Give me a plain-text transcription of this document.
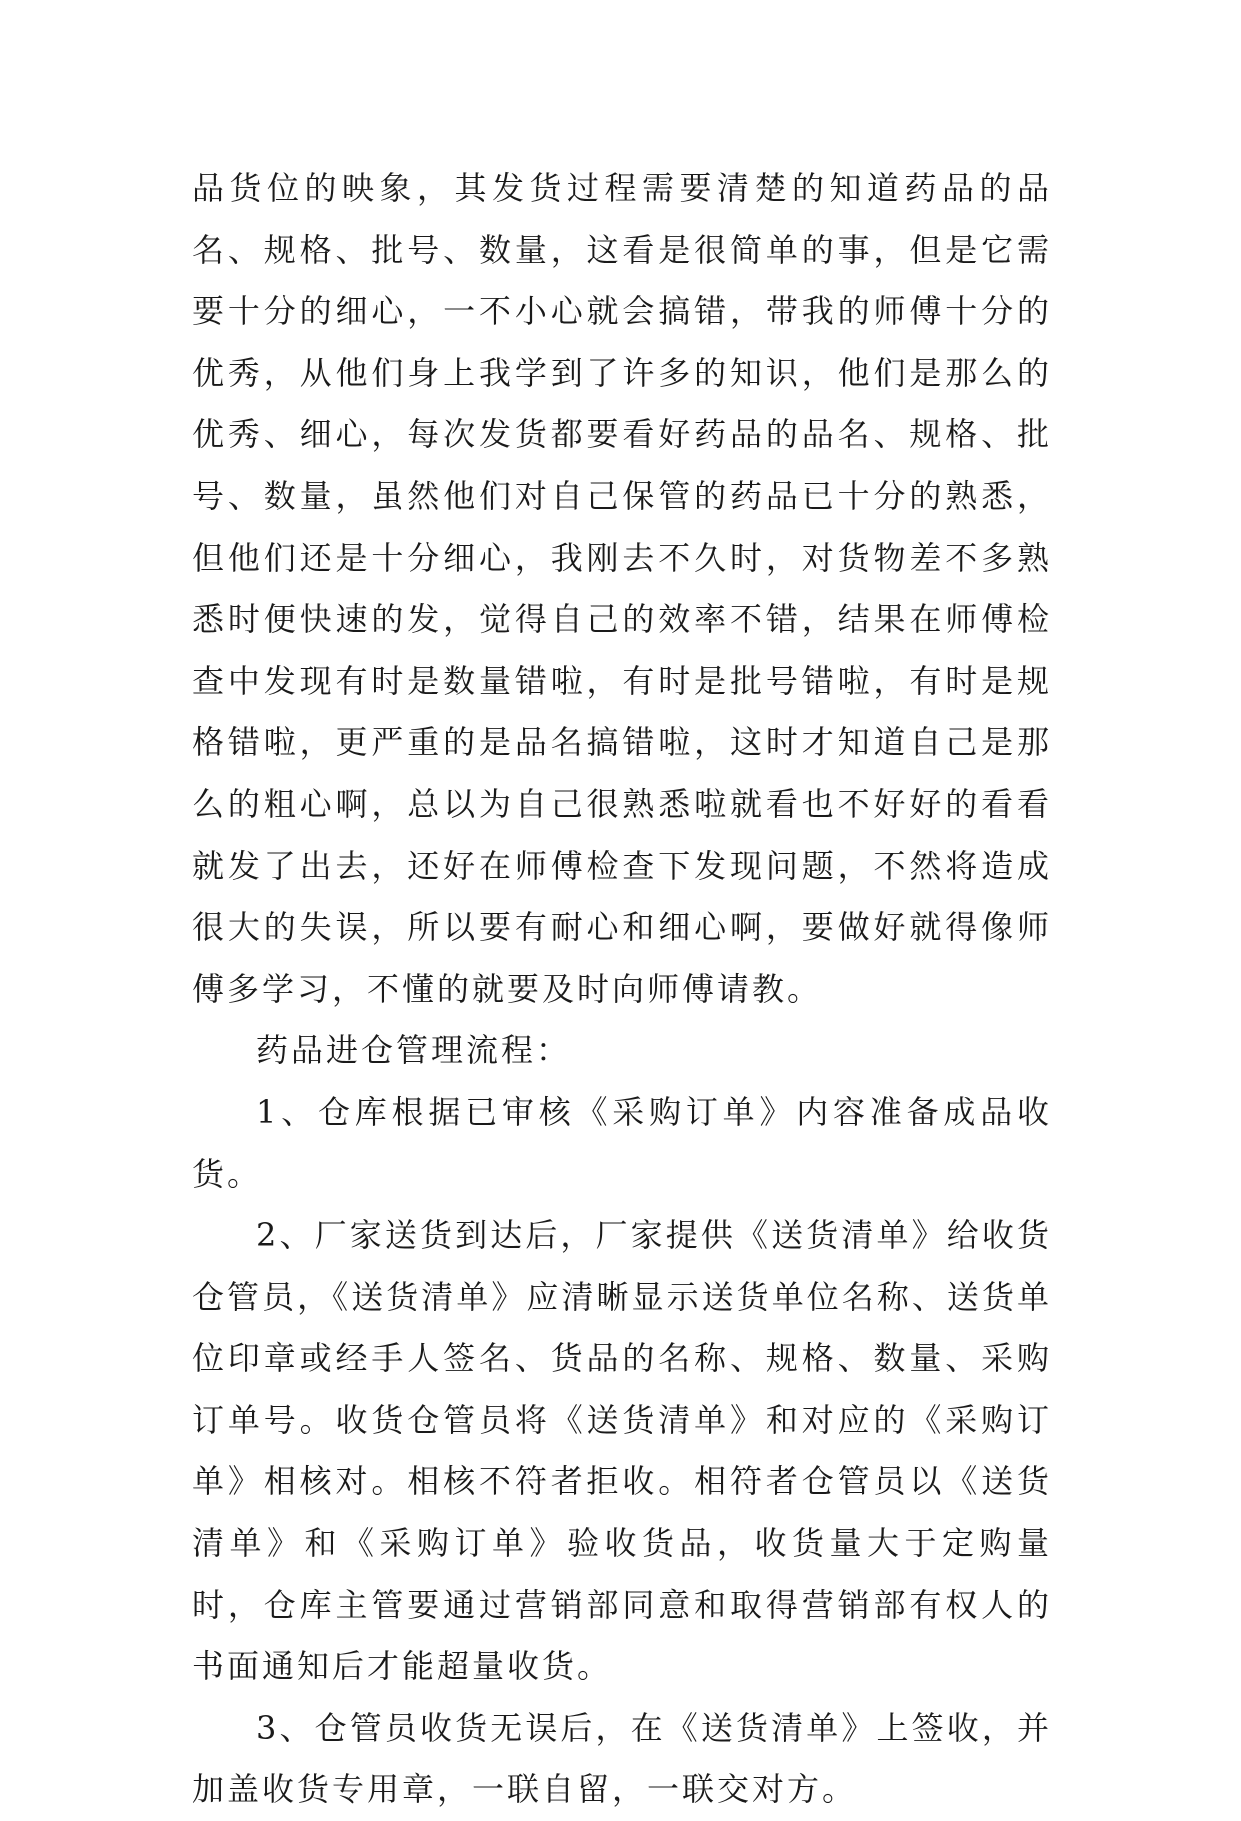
品货位的映象，其发货过程需要清楚的知道药品的品名、规格、批号、数量，这看是很简单的事，但是它需要十分的细心，一不小心就会搞错，带我的师傅十分的优秀，从他们身上我学到了许多的知识，他们是那么的优秀、细心，每次发货都要看好药品的品名、规格、批号、数量，虽然他们对自己保管的药品已十分的熟悉，但他们还是十分细心，我刚去不久时，对货物差不多熟悉时便快速的发，觉得自己的效率不错，结果在师傅检查中发现有时是数量错啦，有时是批号错啦，有时是规格错啦，更严重的是品名搞错啦，这时才知道自己是那么的粗心啊，总以为自己很熟悉啦就看也不好好的看看就发了出去，还好在师傅检查下发现问题，不然将造成很大的失误，所以要有耐心和细心啊，要做好就得像师傅多学习，不懂的就要及时向师傅请教。

药品进仓管理流程：

1、仓库根据已审核《采购订单》内容准备成品收货。

2、厂家送货到达后，厂家提供《送货清单》给收货仓管员，《送货清单》应清晰显示送货单位名称、送货单位印章或经手人签名、货品的名称、规格、数量、采购订单号。收货仓管员将《送货清单》和对应的《采购订单》相核对。相核不符者拒收。相符者仓管员以《送货清单》和《采购订单》验收货品，收货量大于定购量时，仓库主管要通过营销部同意和取得营销部有权人的书面通知后才能超量收货。

3、仓管员收货无误后，在《送货清单》上签收，并加盖收货专用章，一联自留，一联交对方。
